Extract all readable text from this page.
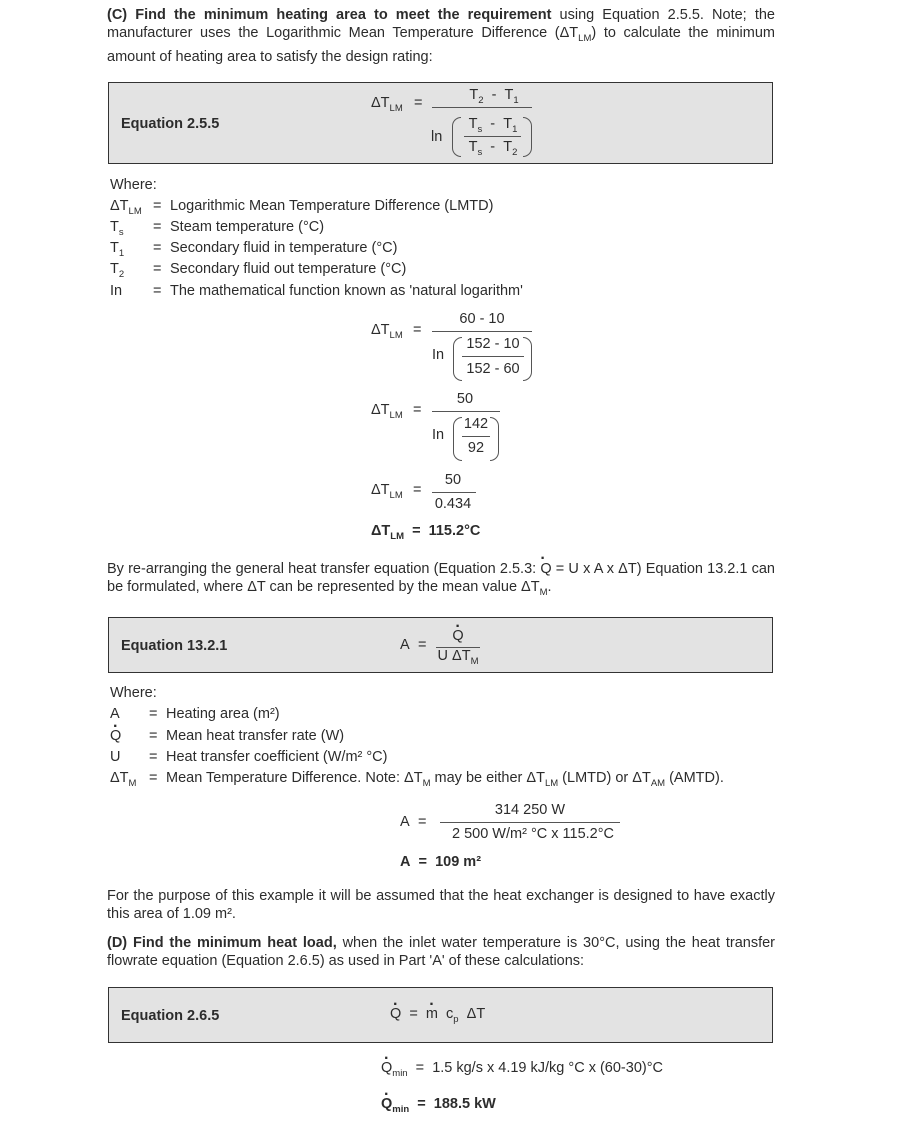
(C) Find the minimum heating area to meet the requirement using Equation 2.5.5. Note; the manufacturer uses the Logarithmic Mean Temperature Difference $(\Delta T_{LM})$ to calculate the minimum amount of heating area to satisfy the design rating:

Equation 2.5.5
$\Delta T_{LM}$ =	$T_2 - T_1$
ln
$T_s - T_1$
$T_s - T_2$
Where:
$\Delta T_{LM}$ = Logarithmic Mean Temperature Difference (LMTD)
$T_s$ = Steam temperature (°C)
$T_1$ = Secondary fluid in temperature (°C)
$T_2$ = Secondary fluid out temperature (°C)
In = The mathematical function known as 'natural logarithm'
$\Delta T_{LM}$ =
60 - 10
In
152 - 10
152 - 60
$\Delta T_{LM}$ =
50
In
142
92
$\Delta T_{LM}$ =
50
0.434
$\Delta T_{LM} = 115.2^\circ C$

By re-arranging the general heat transfer equation (Equation 2.5.3: · Q = U x A x ΔT) Equation 13.2.1 can be formulated, where ΔT can be represented by the mean value $\Delta T_M$.

Equation 13.2.1	A =
· Q
U $\Delta T_M$
Where:
A = Heating area (m²)
· Q = Mean heat transfer rate (W)
U = Heat transfer coefficient (W/m² °C)
$\Delta T_M$ = Mean Temperature Difference. Note: $\Delta T_M$ may be either $\Delta T_{LM}$ (LMTD) or $\Delta T_{AM}$ (AMTD).
A =
314 250 W
2 500 W/m² °C x 115.2°C
A = 109 m²

For the purpose of this example it will be assumed that the heat exchanger is designed to have exactly this area of 1.09 m².

(D) Find the minimum heat load, when the inlet water temperature is 30°C, using the heat transfer flowrate equation (Equation 2.6.5) as used in Part 'A' of these calculations:

Equation 2.6.5	· Q = · m $c_p$ ΔT
· $Q_{min} = 1.5$ kg/s x 4.19 kJ/kg °C x (60-30)°C
· $Q_{min} = 188.5$ kW
